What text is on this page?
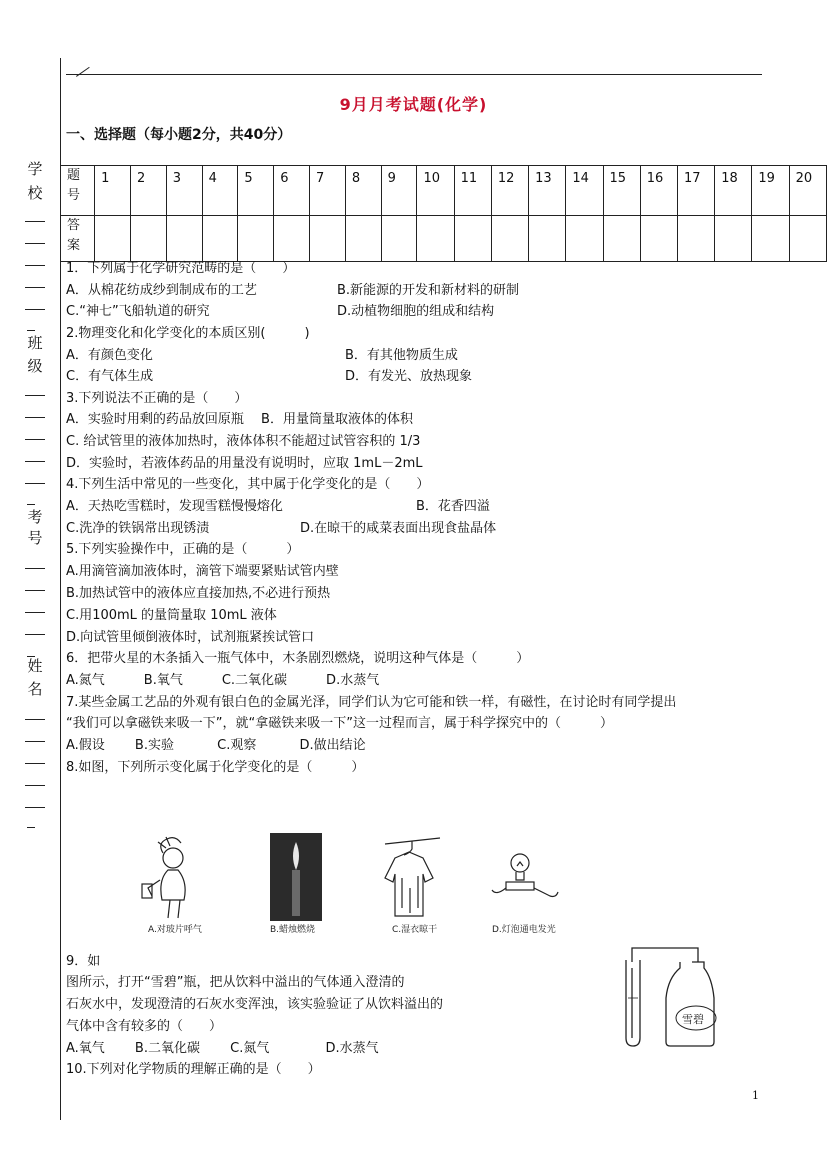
9月月考试题(化学)
一、选择题（每小题2分，共40分）
学
校
班
级
考
号
姓
名
题
号	1	2	3	4	5	6	7	8	9	10	11	12	13	14	15	16	17	18	19	20
答
案																				
1．下列属于化学研究范畴的是（　　）
A．从棉花纺成纱到制成布的工艺	B.新能源的开发和新材料的研制
C.“神七”飞船轨道的研究	D.动植物细胞的组成和结构
2.物理变化和化学变化的本质区别(　　　)
A．有颜色变化	B．有其他物质生成
C．有气体生成	D．有发光、放热现象
3.下列说法不正确的是（　　）
A．实验时用剩的药品放回原瓶　 B．用量筒量取液体的体积
C. 给试管里的液体加热时，液体体积不能超过试管容积的 1/3
D．实验时，若液体药品的用量没有说明时，应取 1mL－2mL
4.下列生活中常见的一些变化，其中属于化学变化的是（　　）
A．天热吃雪糕时，发现雪糕慢慢熔化	B．花香四溢
C.洗净的铁锅常出现锈渍	D.在晾干的咸菜表面出现食盐晶体
5.下列实验操作中，正确的是（　　　）
A.用滴管滴加液体时，滴管下端要紧贴试管内壁
B.加热试管中的液体应直接加热,不必进行预热
C.用100mL 的量筒量取 10mL 液体
D.向试管里倾倒液体时，试剂瓶紧挨试管口
6．把带火星的木条插入一瓶气体中，木条剧烈燃烧，说明这种气体是（　　　）
A.氮气　　　B.氧气　　　C.二氧化碳　　　D.水蒸气
7.某些金属工艺品的外观有银白色的金属光泽，同学们认为它可能和铁一样，有磁性，在讨论时有同学提出
“我们可以拿磁铁来吸一下”，就“拿磁铁来吸一下”这一过程而言，属于科学探究中的（　　　）
A.假设　　 B.实验　　　 C.观察　　　 D.做出结论
8.如图，下列所示变化属于化学变化的是（　　　）
A.对玻片呼气	B.蜡烛燃烧	C.湿衣晾干	D.灯泡通电发光
9．如
图所示，打开“雪碧”瓶，把从饮料中溢出的气体通入澄清的
石灰水中，发现澄清的石灰水变浑浊，该实验验证了从饮料溢出的
气体中含有较多的（　　）
A.氧气　　 B.二氧化碳　　 C.氮气　　　　 D.水蒸气
10.下列对化学物质的理解正确的是（　　）
雪碧
1
